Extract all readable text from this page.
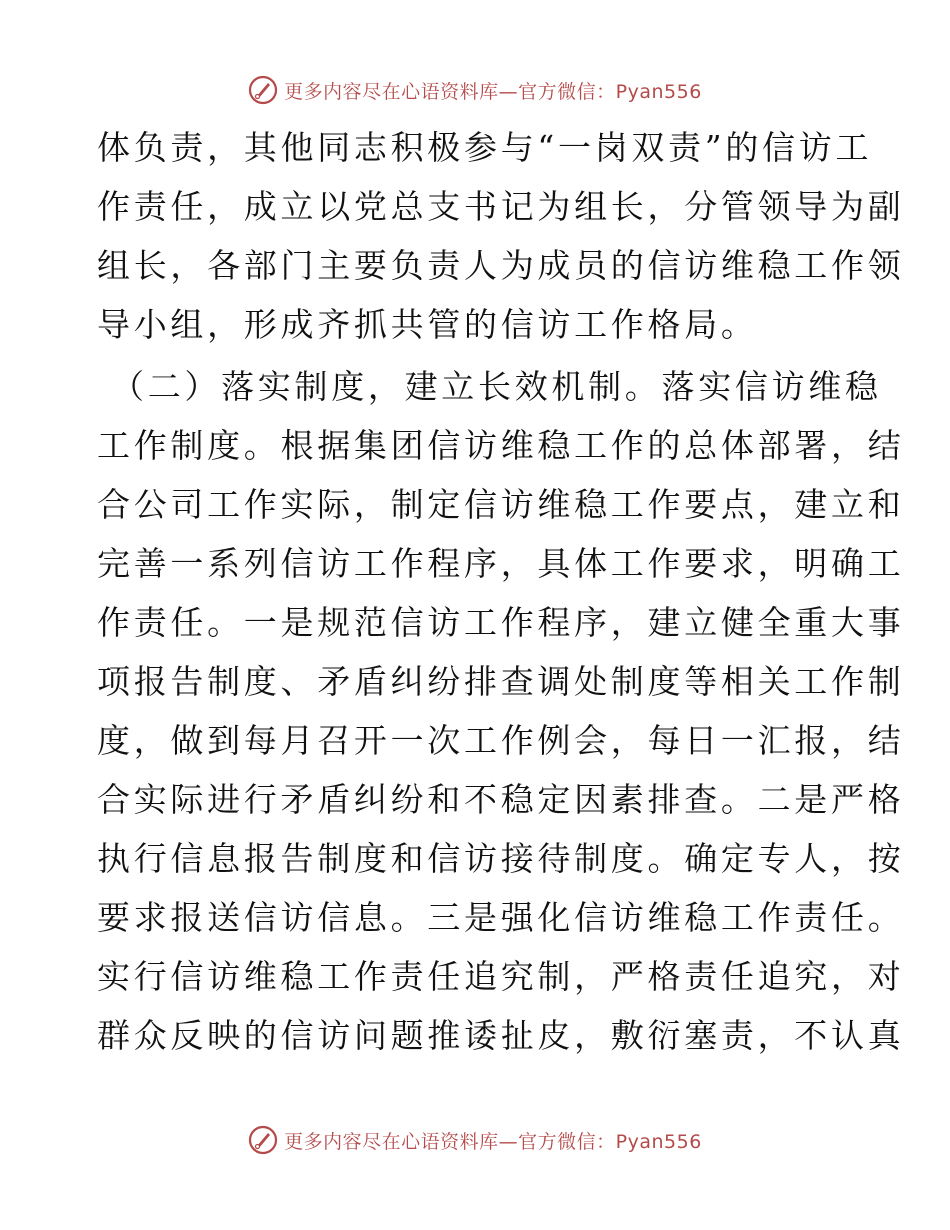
更多内容尽在心语资料库—官方微信：Pyan556
体负责，其他同志积极参与“一岗双责”的信访工
作责任，成立以党总支书记为组长，分管领导为副
组长，各部门主要负责人为成员的信访维稳工作领
导小组，形成齐抓共管的信访工作格局。
（二）落实制度，建立长效机制。落实信访维稳
工作制度。根据集团信访维稳工作的总体部署，结
合公司工作实际，制定信访维稳工作要点，建立和
完善一系列信访工作程序，具体工作要求，明确工
作责任。一是规范信访工作程序，建立健全重大事
项报告制度、矛盾纠纷排查调处制度等相关工作制
度，做到每月召开一次工作例会，每日一汇报，结
合实际进行矛盾纠纷和不稳定因素排查。二是严格
执行信息报告制度和信访接待制度。确定专人，按
要求报送信访信息。三是强化信访维稳工作责任。
实行信访维稳工作责任追究制，严格责任追究，对
群众反映的信访问题推诿扯皮，敷衍塞责，不认真
更多内容尽在心语资料库—官方微信：Pyan556
